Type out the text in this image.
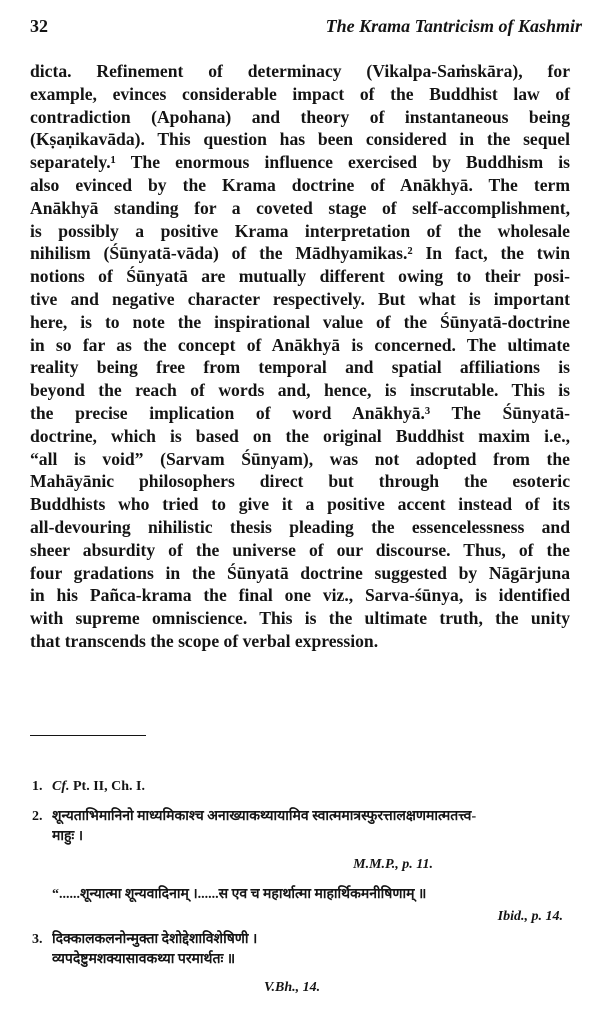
32	The Krama Tantricism of Kashmir
dicta. Refinement of determinacy (Vikalpa-Saṁskāra), for
example, evinces considerable impact of the Buddhist law of
contradiction (Apohana) and theory of instantaneous being
(Kṣaṇikavāda). This question has been considered in the sequel
separately.¹ The enormous influence exercised by Buddhism is
also evinced by the Krama doctrine of Anākhyā. The term
Anākhyā standing for a coveted stage of self-accomplishment,
is possibly a positive Krama interpretation of the wholesale
nihilism (Śūnyatā-vāda) of the Mādhyamikas.² In fact, the twin
notions of Śūnyatā are mutually different owing to their posi-
tive and negative character respectively. But what is important
here, is to note the inspirational value of the Śūnyatā-doctrine
in so far as the concept of Anākhyā is concerned. The ultimate
reality being free from temporal and spatial affiliations is
beyond the reach of words and, hence, is inscrutable. This is
the precise implication of word Anākhyā.³ The Śūnyatā-
doctrine, which is based on the original Buddhist maxim i.e.,
“all is void” (Sarvam Śūnyam), was not adopted from the
Mahāyānic philosophers direct but through the esoteric
Buddhists who tried to give it a positive accent instead of its
all-devouring nihilistic thesis pleading the essencelessness and
sheer absurdity of the universe of our discourse. Thus, of the
four gradations in the Śūnyatā doctrine suggested by Nāgārjuna
in his Pañca-krama the final one viz., Sarva-śūnya, is identified
with supreme omniscience. This is the ultimate truth, the unity
that transcends the scope of verbal expression.
1. Cf. Pt. II, Ch. I.
2. शून्यताभिमानिनो माध्यमिकाश्च अनाख्याकथ्यायामिव स्वात्ममात्रस्फुरत्तालक्षणमात्मतत्त्व-
माहुः ।
M.M.P., p. 11.
“......शून्यात्मा शून्यवादिनाम् ।......स एव च महार्थात्मा माहार्थिकमनीषिणाम् ॥
Ibid., p. 14.
3. दिक्कालकलनोन्मुक्ता देशोद्देशाविशेषिणी ।
व्यपदेष्टुमशक्यासावकथ्या परमार्थतः ॥
V.Bh., 14.
